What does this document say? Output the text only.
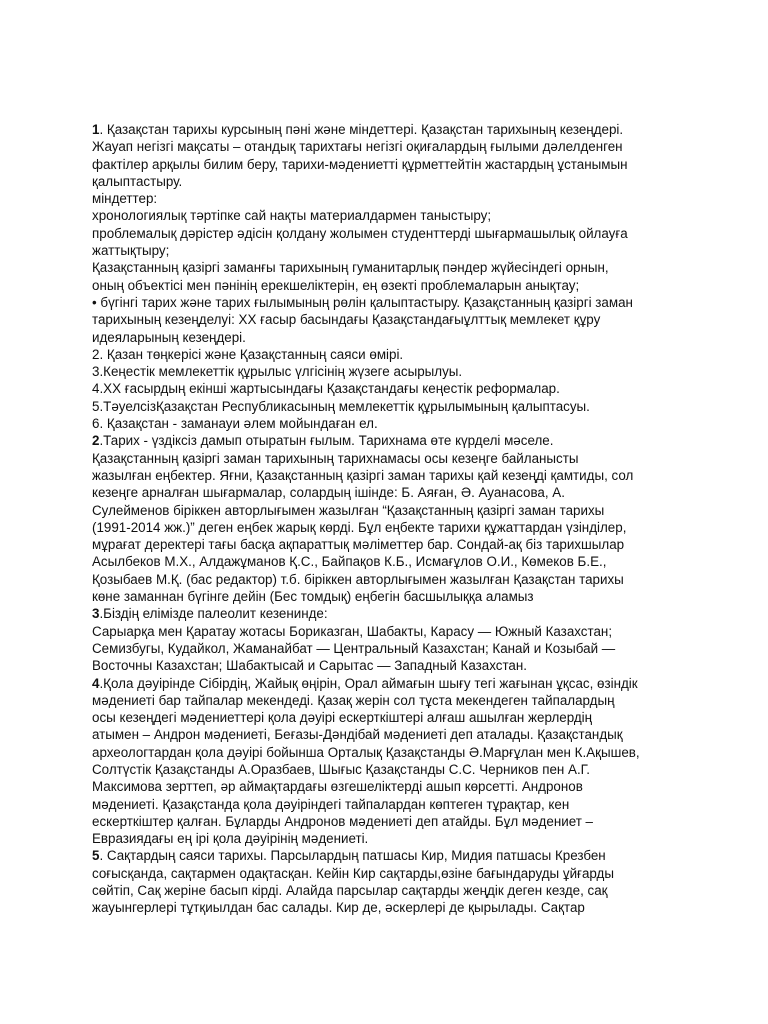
1. Қазақстан тарихы курсының пәні және міндеттері. Қазақстан тарихының кезеңдері.
Жауап негізгі мақсаты – отандық тарихтағы негізгі оқиғалардың ғылыми дәлелденген
фактілер арқылы билим беру, тарихи-мәдениетті құрметтейтін жастардың ұстанымын
қалыптастыру.
міндеттер:
хронологиялық тәртіпке сай нақты материалдармен таныстыру;
проблемалық дәрістер әдісін қолдану жолымен студенттерді шығармашылық ойлауға
жаттықтыру;
Қазақстанның қазіргі заманғы тарихының гуманитарлық пәндер жүйесіндегі орнын,
оның объектісі мен пәнінің ерекшеліктерін, ең өзекті проблемаларын анықтау;
• бүгінгі тарих және тарих ғылымының рөлін қалыптастыру. Қазақстанның қазіргі заман
тарихының кезеңделуі: ХХ ғасыр басындағы Қазақстандағыұлттық мемлекет құру
идеяларының кезеңдері.
2. Қазан төңкерісі және Қазақстанның саяси өмірі.
3.Кеңестік мемлекеттік құрылыс үлгісінің жүзеге асырылуы.
4.ХХ ғасырдың екінші жартысындағы Қазақстандағы кеңестік реформалар.
5.ТәуелсізҚазақстан Республикасының мемлекеттік құрылымының қалыптасуы.
6. Қазақстан - заманауи әлем мойындаған ел.
2.Тарих - үздіксіз дамып отыратын ғылым. Тарихнама өте күрделі мәселе.
Қазақстанның қазіргі заман тарихының тарихнамасы осы кезеңге байланысты
жазылған еңбектер. Яғни, Қазақстанның қазіргі заман тарихы қай кезеңді қамтиды, сол
кезеңге арналған шығармалар, солардың ішінде: Б. Аяған, Ә. Ауанасова, А.
Сулейменов біріккен авторлығымен жазылған “Қазақстанның қазіргі заман тарихы
(1991-2014 жж.)” деген еңбек жарық көрді. Бұл еңбекте тарихи құжаттардан үзінділер,
мұрағат деректері тағы басқа ақпараттық мәліметтер бар. Сондай-ақ біз тарихшылар
Асылбеков М.Х., Алдажұманов Қ.С., Байпақов К.Б., Исмағұлов О.И., Көмеков Б.Е.,
Қозыбаев М.Қ. (бас редактор) т.б. біріккен авторлығымен жазылған Қазақстан тарихы
көне заманнан бүгінге дейін (Бес томдық) еңбегін басшылыққа аламыз
3.Біздің елімізде палеолит кезенинде:
Сарыарқа мен Қаратау жотасы Бориказган, Шабакты, Карасу — Южный Казахстан;
Семизбугы, Кудайкол, Жаманайбат — Центральный Казахстан; Канай и Козыбай —
Восточны Казахстан; Шабактысай и Сарытас — Западный Казахстан.
4.Қола дәуірінде Сібірдің, Жайық өңірін, Орал аймағын шығу тегі жағынан ұқсас, өзіндік
мәдениеті бар тайпалар мекендеді. Қазақ жерін сол тұста мекендеген тайпалардың
осы кезеңдегі мәдениеттері қола дәуірі ескерткіштері алғаш ашылған жерлердің
атымен – Андрон мәдениеті, Беғазы-Дәндібай мәдениеті деп аталады. Қазақстандық
археологтардан қола дәуірі бойынша Орталық Қазақстанды Ә.Марғұлан мен К.Ақышев,
Солтүстік Қазақстанды А.Оразбаев, Шығыс Қазақстанды С.С. Черников пен А.Г.
Максимова зерттеп, әр аймақтардағы өзгешеліктерді ашып көрсетті. Андронов
мәдениеті. Қазақстанда қола дәуіріндегі тайпалардан көптеген тұрақтар, кен
ескерткіштер қалған. Бұларды Андронов мәдениеті деп атайды. Бұл мәдениет –
Евразиядағы ең ірі қола дәуірінің мәдениеті.
5. Сақтардың саяси тарихы. Парсылардың патшасы Кир, Мидия патшасы Крезбен
соғысқанда, сақтармен одақтасқан. Кейін Кир сақтарды,өзіне бағындаруды ұйғарды
сөйтіп, Сақ жеріне басып кірді. Алайда парсылар сақтарды жеңдік деген кезде, сақ
жауынгерлері тұтқиылдан бас салады. Кир де, әскерлері де қырылады. Сақтар
